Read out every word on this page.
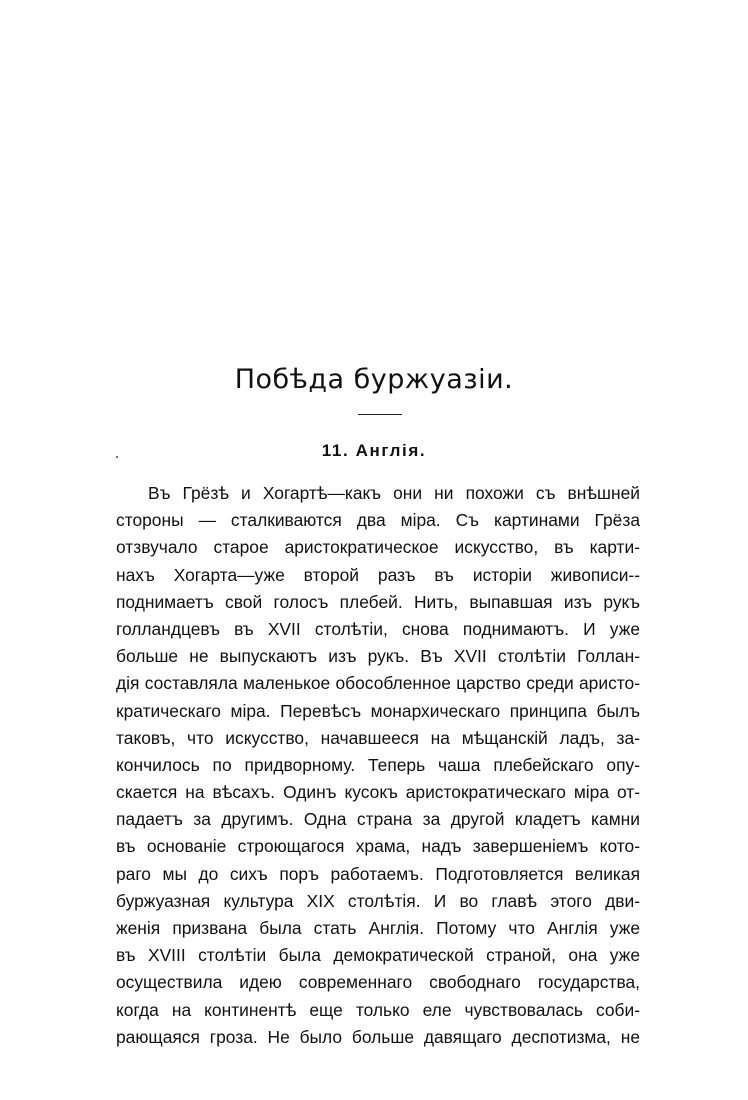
Побѣда буржуазіи.
11. Англія.
Въ Грёзѣ и Хогартѣ—какъ они ни похожи съ внѣшней
стороны — сталкиваются два міра. Съ картинами Грёза
отзвучало старое аристократическое искусство, въ карти-
нахъ Хогарта—уже второй разъ въ исторіи живописи--
поднимаетъ свой голосъ плебей. Нить, выпавшая изъ рукъ
голландцевъ въ XVII столѣтіи, снова поднимаютъ. И уже
больше не выпускаютъ изъ рукъ. Въ XVII столѣтіи Голлан-
дія составляла маленькое обособленное царство среди аристо-
кратическаго міра. Перевѣсъ монархическаго принципа былъ
таковъ, что искусство, начавшееся на мѣщанскій ладъ, за-
кончилось по придворному. Теперь чаша плебейскаго опу-
скается на вѣсахъ. Одинъ кусокъ аристократическаго міра от-
падаетъ за другимъ. Одна страна за другой кладетъ камни
въ основаніе строющагося храма, надъ завершеніемъ кото-
раго мы до сихъ поръ работаемъ. Подготовляется великая
буржуазная культура XIX столѣтія. И во главѣ этого дви-
женія призвана была стать Англія. Потому что Англія уже
въ XVIII столѣтіи была демократической страной, она уже
осуществила идею современнаго свободнаго государства,
когда на континентѣ еще только еле чувствовалась соби-
рающаяся гроза. Не было больше давящаго деспотизма, не
